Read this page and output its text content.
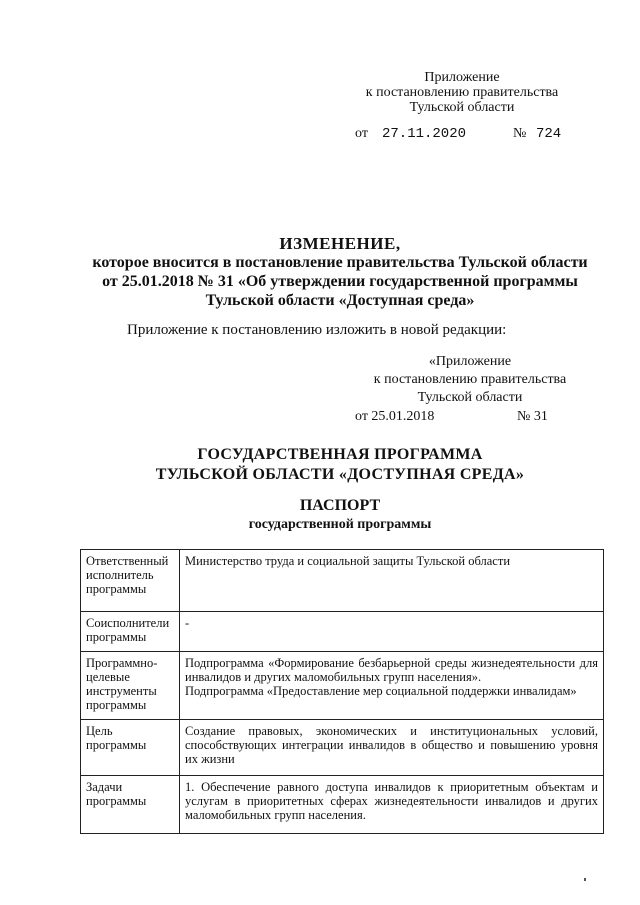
Приложение
к постановлению правительства
Тульской области
от 27.11.2020	№ 724
ИЗМЕНЕНИЕ,
которое вносится в постановление правительства Тульской области
от 25.01.2018 № 31 «Об утверждении государственной программы
Тульской области «Доступная среда»
Приложение к постановлению изложить в новой редакции:
«Приложение
к постановлению правительства
Тульской области
от 25.01.2018	№ 31
ГОСУДАРСТВЕННАЯ ПРОГРАММА
ТУЛЬСКОЙ ОБЛАСТИ «ДОСТУПНАЯ СРЕДА»
ПАСПОРТ
государственной программы
Ответственный исполнитель программы	Министерство труда и социальной защиты Тульской области
Соисполнители программы	-
Программно-целевые инструменты программы	Подпрограмма «Формирование безбарьерной среды жизнедеятельности для инвалидов и других маломобильных групп населения».
Подпрограмма «Предоставление мер социальной поддержки инвалидам»
Цель программы	Создание правовых, экономических и институциональных условий, способствующих интеграции инвалидов в общество и повышению уровня их жизни
Задачи программы	1. Обеспечение равного доступа инвалидов к приоритетным объектам и услугам в приоритетных сферах жизнедеятельности инвалидов и других маломобильных групп населения.
